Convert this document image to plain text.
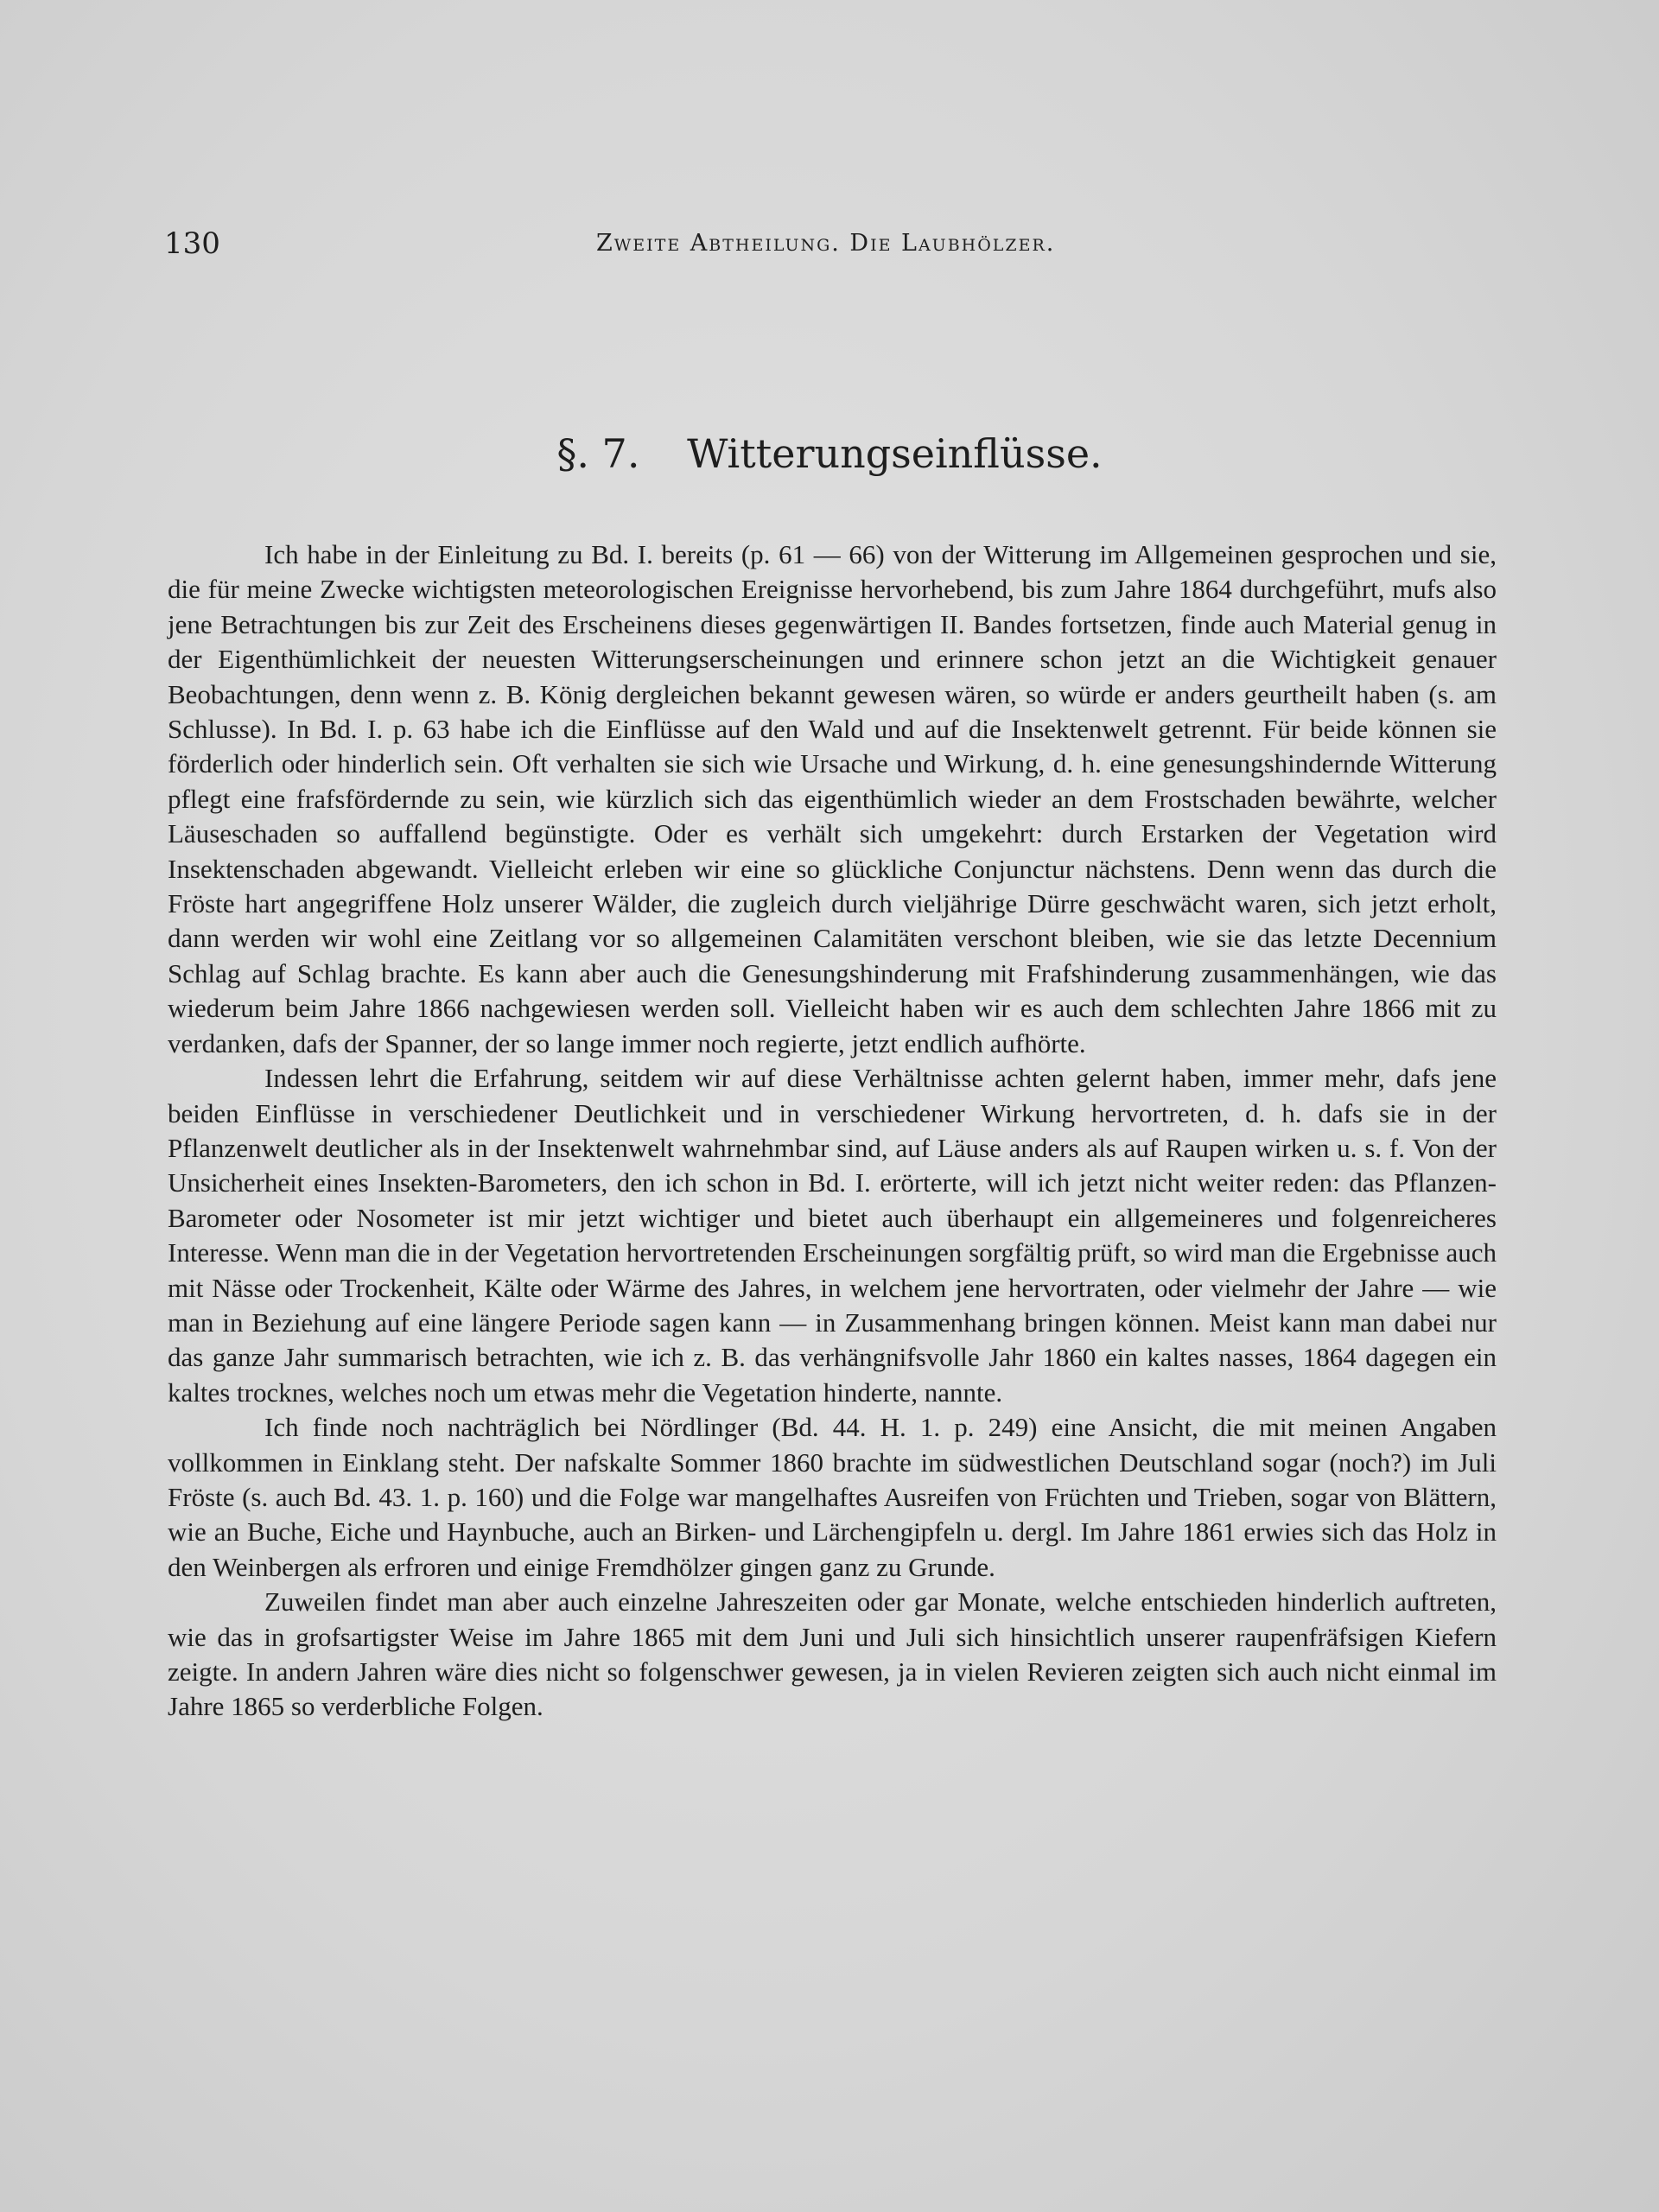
130	Zweite Abtheilung. Die Laubhölzer.
§. 7. Witterungseinflüsse.

Ich habe in der Einleitung zu Bd. I. bereits (p. 61 — 66) von der Witterung im Allgemeinen gesprochen und sie, die für meine Zwecke wichtigsten meteorologischen Ereignisse hervorhebend, bis zum Jahre 1864 durchgeführt, mufs also jene Betrachtungen bis zur Zeit des Erscheinens dieses gegenwärtigen II. Bandes fortsetzen, finde auch Material genug in der Eigenthümlichkeit der neuesten Witterungserscheinungen und erinnere schon jetzt an die Wichtigkeit genauer Beobachtungen, denn wenn z. B. König dergleichen bekannt gewesen wären, so würde er anders geurtheilt haben (s. am Schlusse). In Bd. I. p. 63 habe ich die Einflüsse auf den Wald und auf die Insektenwelt getrennt. Für beide können sie förderlich oder hinderlich sein. Oft verhalten sie sich wie Ursache und Wirkung, d. h. eine genesungshindernde Witterung pflegt eine frafsfördernde zu sein, wie kürzlich sich das eigenthümlich wieder an dem Frostschaden bewährte, welcher Läuseschaden so auffallend begünstigte. Oder es verhält sich umgekehrt: durch Erstarken der Vegetation wird Insektenschaden abgewandt. Vielleicht erleben wir eine so glückliche Conjunctur nächstens. Denn wenn das durch die Fröste hart angegriffene Holz unserer Wälder, die zugleich durch vieljährige Dürre geschwächt waren, sich jetzt erholt, dann werden wir wohl eine Zeitlang vor so allgemeinen Calamitäten verschont bleiben, wie sie das letzte Decennium Schlag auf Schlag brachte. Es kann aber auch die Genesungshinderung mit Frafshinderung zusammenhängen, wie das wiederum beim Jahre 1866 nachgewiesen werden soll. Vielleicht haben wir es auch dem schlechten Jahre 1866 mit zu verdanken, dafs der Spanner, der so lange immer noch regierte, jetzt endlich aufhörte.

Indessen lehrt die Erfahrung, seitdem wir auf diese Verhältnisse achten gelernt haben, immer mehr, dafs jene beiden Einflüsse in verschiedener Deutlichkeit und in verschiedener Wirkung hervortreten, d. h. dafs sie in der Pflanzenwelt deutlicher als in der Insektenwelt wahrnehmbar sind, auf Läuse anders als auf Raupen wirken u. s. f. Von der Unsicherheit eines Insekten-Barometers, den ich schon in Bd. I. erörterte, will ich jetzt nicht weiter reden: das Pflanzen-Barometer oder Nosometer ist mir jetzt wichtiger und bietet auch überhaupt ein allgemeineres und folgenreicheres Interesse. Wenn man die in der Vegetation hervortretenden Erscheinungen sorgfältig prüft, so wird man die Ergebnisse auch mit Nässe oder Trockenheit, Kälte oder Wärme des Jahres, in welchem jene hervortraten, oder vielmehr der Jahre — wie man in Beziehung auf eine längere Periode sagen kann — in Zusammenhang bringen können. Meist kann man dabei nur das ganze Jahr summarisch betrachten, wie ich z. B. das verhängnifsvolle Jahr 1860 ein kaltes nasses, 1864 dagegen ein kaltes trocknes, welches noch um etwas mehr die Vegetation hinderte, nannte.

Ich finde noch nachträglich bei Nördlinger (Bd. 44. H. 1. p. 249) eine Ansicht, die mit meinen Angaben vollkommen in Einklang steht. Der nafskalte Sommer 1860 brachte im südwestlichen Deutschland sogar (noch?) im Juli Fröste (s. auch Bd. 43. 1. p. 160) und die Folge war mangelhaftes Ausreifen von Früchten und Trieben, sogar von Blättern, wie an Buche, Eiche und Haynbuche, auch an Birken- und Lärchengipfeln u. dergl. Im Jahre 1861 erwies sich das Holz in den Weinbergen als erfroren und einige Fremdhölzer gingen ganz zu Grunde.

Zuweilen findet man aber auch einzelne Jahreszeiten oder gar Monate, welche entschieden hinderlich auftreten, wie das in grofsartigster Weise im Jahre 1865 mit dem Juni und Juli sich hinsichtlich unserer raupenfräfsigen Kiefern zeigte. In andern Jahren wäre dies nicht so folgenschwer gewesen, ja in vielen Revieren zeigten sich auch nicht einmal im Jahre 1865 so verderbliche Folgen.
